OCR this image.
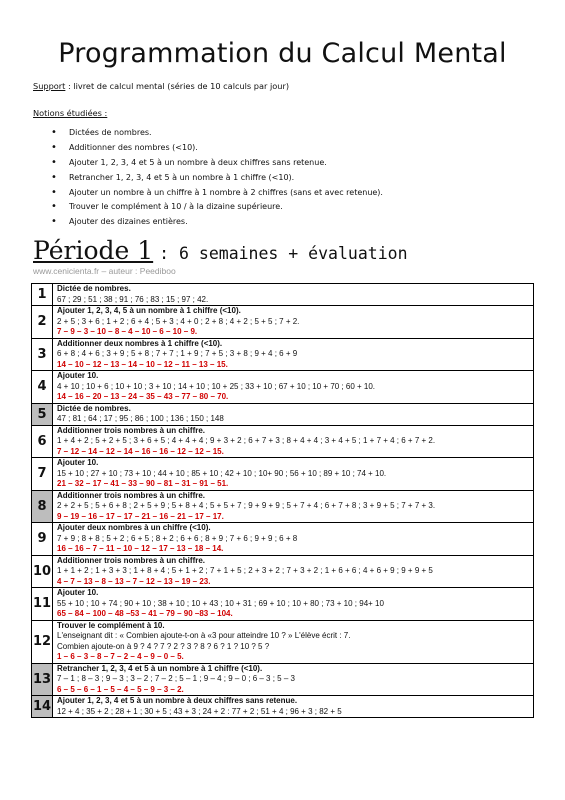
Programmation du Calcul Mental
Support : livret de calcul mental (séries de 10 calculs par jour)
Notions étudiées :
• Dictées de nombres.
• Additionner des nombres (<10).
• Ajouter 1, 2, 3, 4 et 5 à un nombre à deux chiffres sans retenue.
• Retrancher 1, 2, 3, 4 et 5 à un nombre à 1 chiffre (<10).
• Ajouter un nombre à un chiffre à 1 nombre à 2 chiffres (sans et avec retenue).
• Trouver le complément à 10 / à la dizaine supérieure.
• Ajouter des dizaines entières.
Période 1 : 6 semaines + évaluation
www.cenicienta.fr – auteur : Peediboo
1	Dictée de nombres.
67 ; 29 ; 51 ; 38 ; 91 ; 76 ; 83 ; 15 ; 97 ; 42.

2	Ajouter 1, 2, 3, 4, 5 à un nombre à 1 chiffre (<10).
2 + 5 ; 3 + 6 ; 1 + 2 ; 6 + 4 ; 5 + 3 ; 4 + 0 ; 2 + 8 ; 4 + 2 ; 5 + 5 ; 7 + 2.
7 – 9 – 3 – 10 – 8 – 4 – 10 – 6 – 10 – 9.

3	Additionner deux nombres à 1 chiffre (<10).
6 + 8 ; 4 + 6 ; 3 + 9 ; 5 + 8 ; 7 + 7 ; 1 + 9 ; 7 + 5 ; 3 + 8 ; 9 + 4 ; 6 + 9
14 – 10 – 12 – 13 – 14 – 10 – 12 – 11 – 13 – 15.

4	Ajouter 10.
4 + 10 ; 10 + 6 ; 10 + 10 ; 3 + 10 ; 14 + 10 ; 10 + 25 ; 33 + 10 ; 67 + 10 ; 10 + 70 ; 60 + 10.
14 – 16 – 20 – 13 – 24 – 35 – 43 – 77 – 80 – 70.

5	Dictée de nombres.
47 ; 81 ; 64 ; 17 ; 95 ; 86 ; 100 ; 136 ; 150 ; 148

6	Additionner trois nombres à un chiffre.
1 + 4 + 2 ; 5 + 2 + 5 ; 3 + 6 + 5 ; 4 + 4 + 4 ; 9 + 3 + 2 ; 6 + 7 + 3 ; 8 + 4 + 4 ; 3 + 4 + 5 ; 1 + 7 + 4 ; 6 + 7 + 2.
7 – 12 – 14 – 12 – 14 – 16 – 16 – 12 – 12 – 15.

7	Ajouter 10.
15 + 10 ; 27 + 10 ; 73 + 10 ; 44 + 10 ; 85 + 10 ; 42 + 10 ; 10+ 90 ; 56 + 10 ; 89 + 10 ; 74 + 10.
21 – 32 – 17 – 41 – 33 – 90 – 81 – 31 – 91 – 51.

8	Additionner trois nombres à un chiffre.
2 + 2 + 5 ; 5 + 6 + 8 ; 2 + 5 + 9 ; 5 + 8 + 4 ; 5 + 5 + 7 ; 9 + 9 + 9 ; 5 + 7 + 4 ; 6 + 7 + 8 ; 3 + 9 + 5 ; 7 + 7 + 3.
9 – 19 – 16 – 17 – 17 – 21 – 16 – 21 – 17 – 17.

9	Ajouter deux nombres à un chiffre (<10).
7 + 9 ; 8 + 8 ; 5 + 2 ; 6 + 5 ; 8 + 2 ; 6 + 6 ; 8 + 9 ; 7 + 6 ; 9 + 9 ; 6 + 8
16 – 16 – 7 – 11 – 10 – 12 – 17 – 13 – 18 – 14.

10	Additionner trois nombres à un chiffre.
1 + 1 + 2 ; 1 + 3 + 3 ; 1 + 8 + 4 ; 5 + 1 + 2 ; 7 + 1 + 5 ; 2 + 3 + 2 ; 7 + 3 + 2 ; 1 + 6 + 6 ; 4 + 6 + 9 ; 9 + 9 + 5
4 – 7 – 13 – 8 – 13 – 7 – 12 – 13 – 19 – 23.

11	Ajouter 10.
55 + 10 ; 10 + 74 ; 90 + 10 ; 38 + 10 ; 10 + 43 ; 10 + 31 ; 69 + 10 ; 10 + 80 ; 73 + 10 ; 94+ 10
65 – 84 – 100 – 48 –53 – 41 – 79 – 90 –83 – 104.

12	Trouver le complément à 10.
L'enseignant dit : « Combien ajoute-t-on à «3 pour atteindre 10 ? » L'élève écrit : 7.
Combien ajoute-on à 9 ? 4 ? 7 ? 2 ? 3 ? 8 ? 6 ? 1 ? 10 ? 5 ?
1 – 6 – 3 – 8 – 7 – 2 – 4 – 9 – 0 – 5.

13	Retrancher 1, 2, 3, 4 et 5 à un nombre à 1 chiffre (<10).
7 – 1 ; 8 – 3 ; 9 – 3 ; 3 – 2 ; 7 – 2 ; 5 – 1 ; 9 – 4 ; 9 – 0 ; 6 – 3 ; 5 – 3
6 – 5 – 6 – 1 – 5 – 4 – 5 – 9 – 3 – 2.

14	Ajouter 1, 2, 3, 4 et 5 à un nombre à deux chiffres sans retenue.
12 + 4 ; 35 + 2 ; 28 + 1 ; 30 + 5 ; 43 + 3 ; 24 + 2 : 77 + 2 ; 51 + 4 ; 96 + 3 ; 82 + 5
